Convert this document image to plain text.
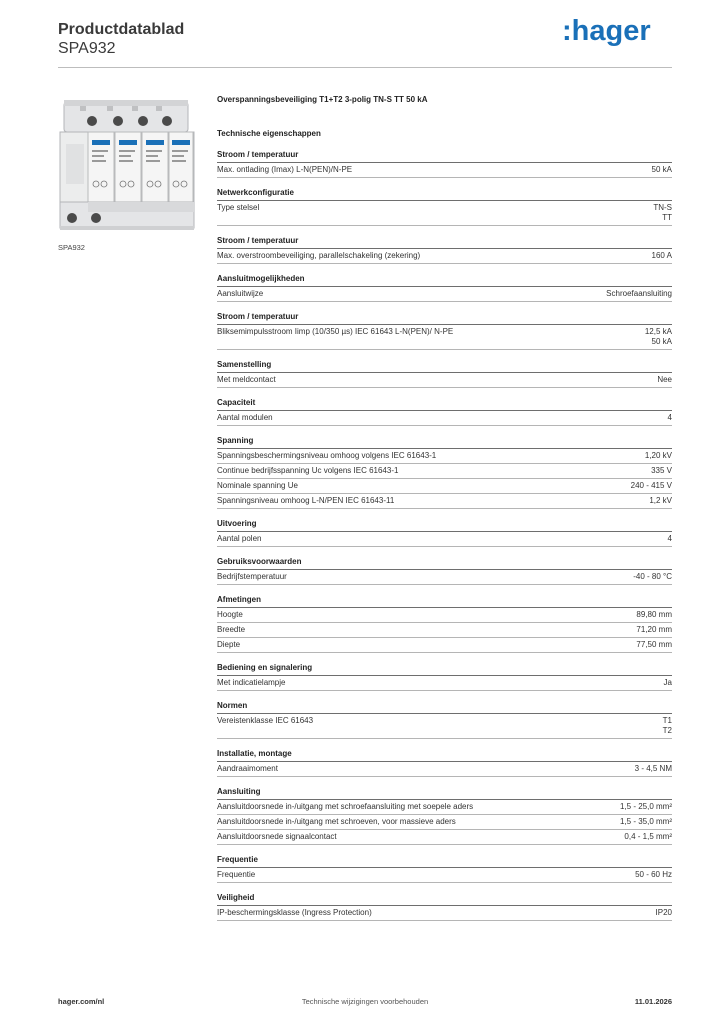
Productdatablad
SPA932
:hager
SPA932
Overspanningsbeveiliging T1+T2 3-polig TN-S TT 50 kA
Technische eigenschappen
Stroom / temperatuur
Max. ontlading (Imax) L-N(PEN)/N-PE	50 kA
Netwerkconfiguratie
Type stelsel	TN-S
TT
Stroom / temperatuur
Max. overstroombeveiliging, parallelschakeling (zekering)	160 A
Aansluitmogelijkheden
Aansluitwijze	Schroefaansluiting
Stroom / temperatuur
Bliksemimpulsstroom Iimp (10/350 µs) IEC 61643 L-N(PEN)/ N-PE	12,5 kA
50 kA
Samenstelling
Met meldcontact	Nee
Capaciteit
Aantal modulen	4
Spanning
Spanningsbeschermingsniveau omhoog volgens IEC 61643-1	1,20 kV
Continue bedrijfsspanning Uc volgens IEC 61643-1	335 V
Nominale spanning Ue	240 - 415 V
Spanningsniveau omhoog L-N/PEN IEC 61643-11	1,2 kV
Uitvoering
Aantal polen	4
Gebruiksvoorwaarden
Bedrijfstemperatuur	-40 - 80 °C
Afmetingen
Hoogte	89,80 mm
Breedte	71,20 mm
Diepte	77,50 mm
Bediening en signalering
Met indicatielampje	Ja
Normen
Vereistenklasse IEC 61643	T1
T2
Installatie, montage
Aandraaimoment	3 - 4,5 NM
Aansluiting
Aansluitdoorsnede in-/uitgang met schroefaansluiting met soepele aders	1,5 - 25,0 mm²
Aansluitdoorsnede in-/uitgang met schroeven, voor massieve aders	1,5 - 35,0 mm²
Aansluitdoorsnede signaalcontact	0,4 - 1,5 mm²
Frequentie
Frequentie	50 - 60 Hz
Veiligheid
IP-beschermingsklasse (Ingress Protection)	IP20
hager.com/nl	Technische wijzigingen voorbehouden	11.01.2026
